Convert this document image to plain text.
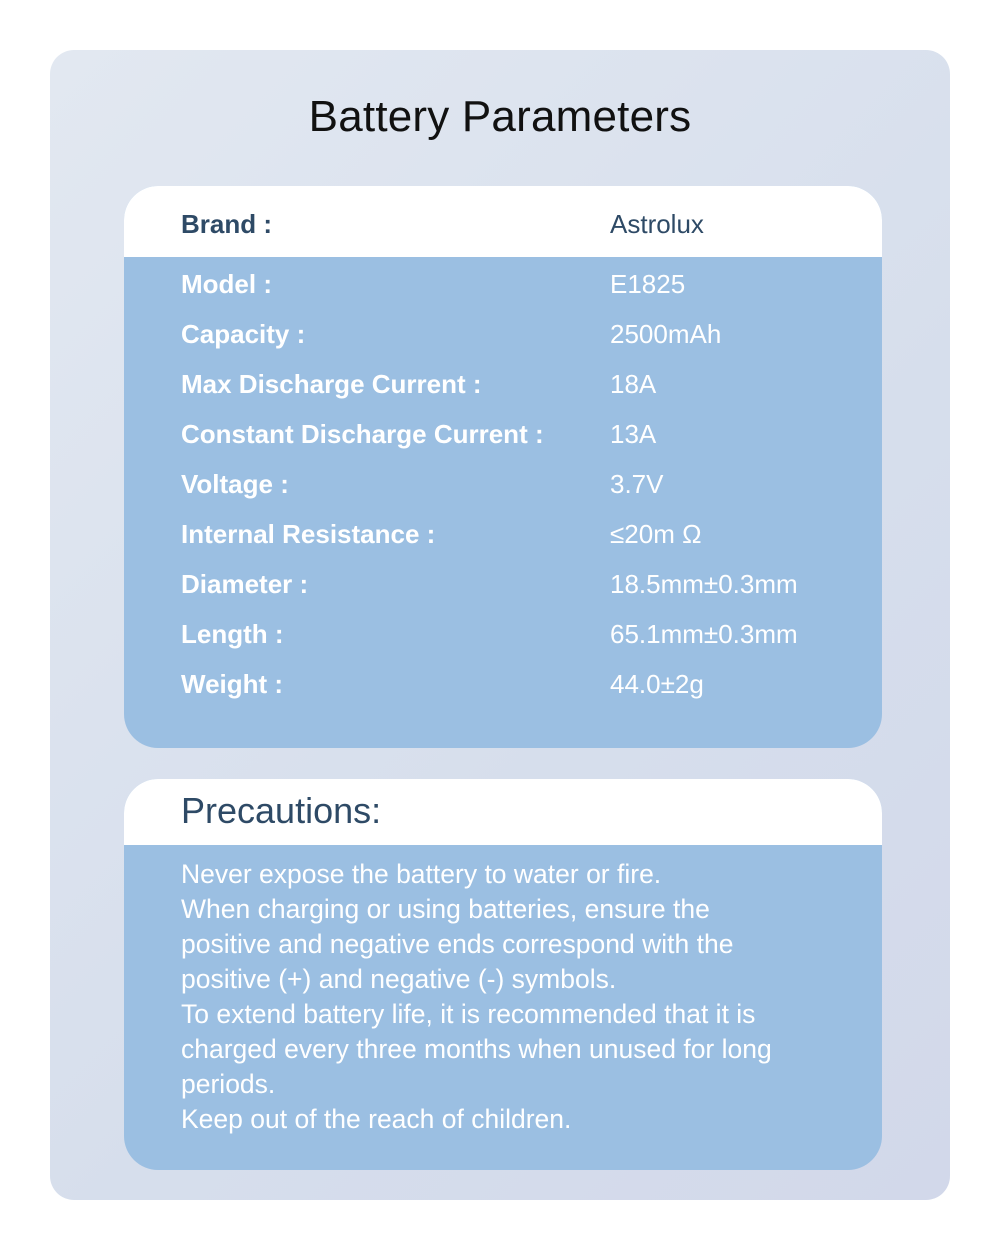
Battery Parameters
Brand :	Astrolux
Model :	E1825
Capacity :	2500mAh
Max Discharge Current :	18A
Constant Discharge Current :	13A
Voltage :	3.7V
Internal Resistance :	≤20m Ω
Diameter :	18.5mm±0.3mm
Length :	65.1mm±0.3mm
Weight :	44.0±2g
Precautions:
Never expose the battery to water or fire.
When charging or using batteries, ensure the
positive and negative ends correspond with the
positive (+) and negative (-) symbols.
To extend battery life, it is recommended that it is
charged every three months when unused for long
periods.
Keep out of the reach of children.
